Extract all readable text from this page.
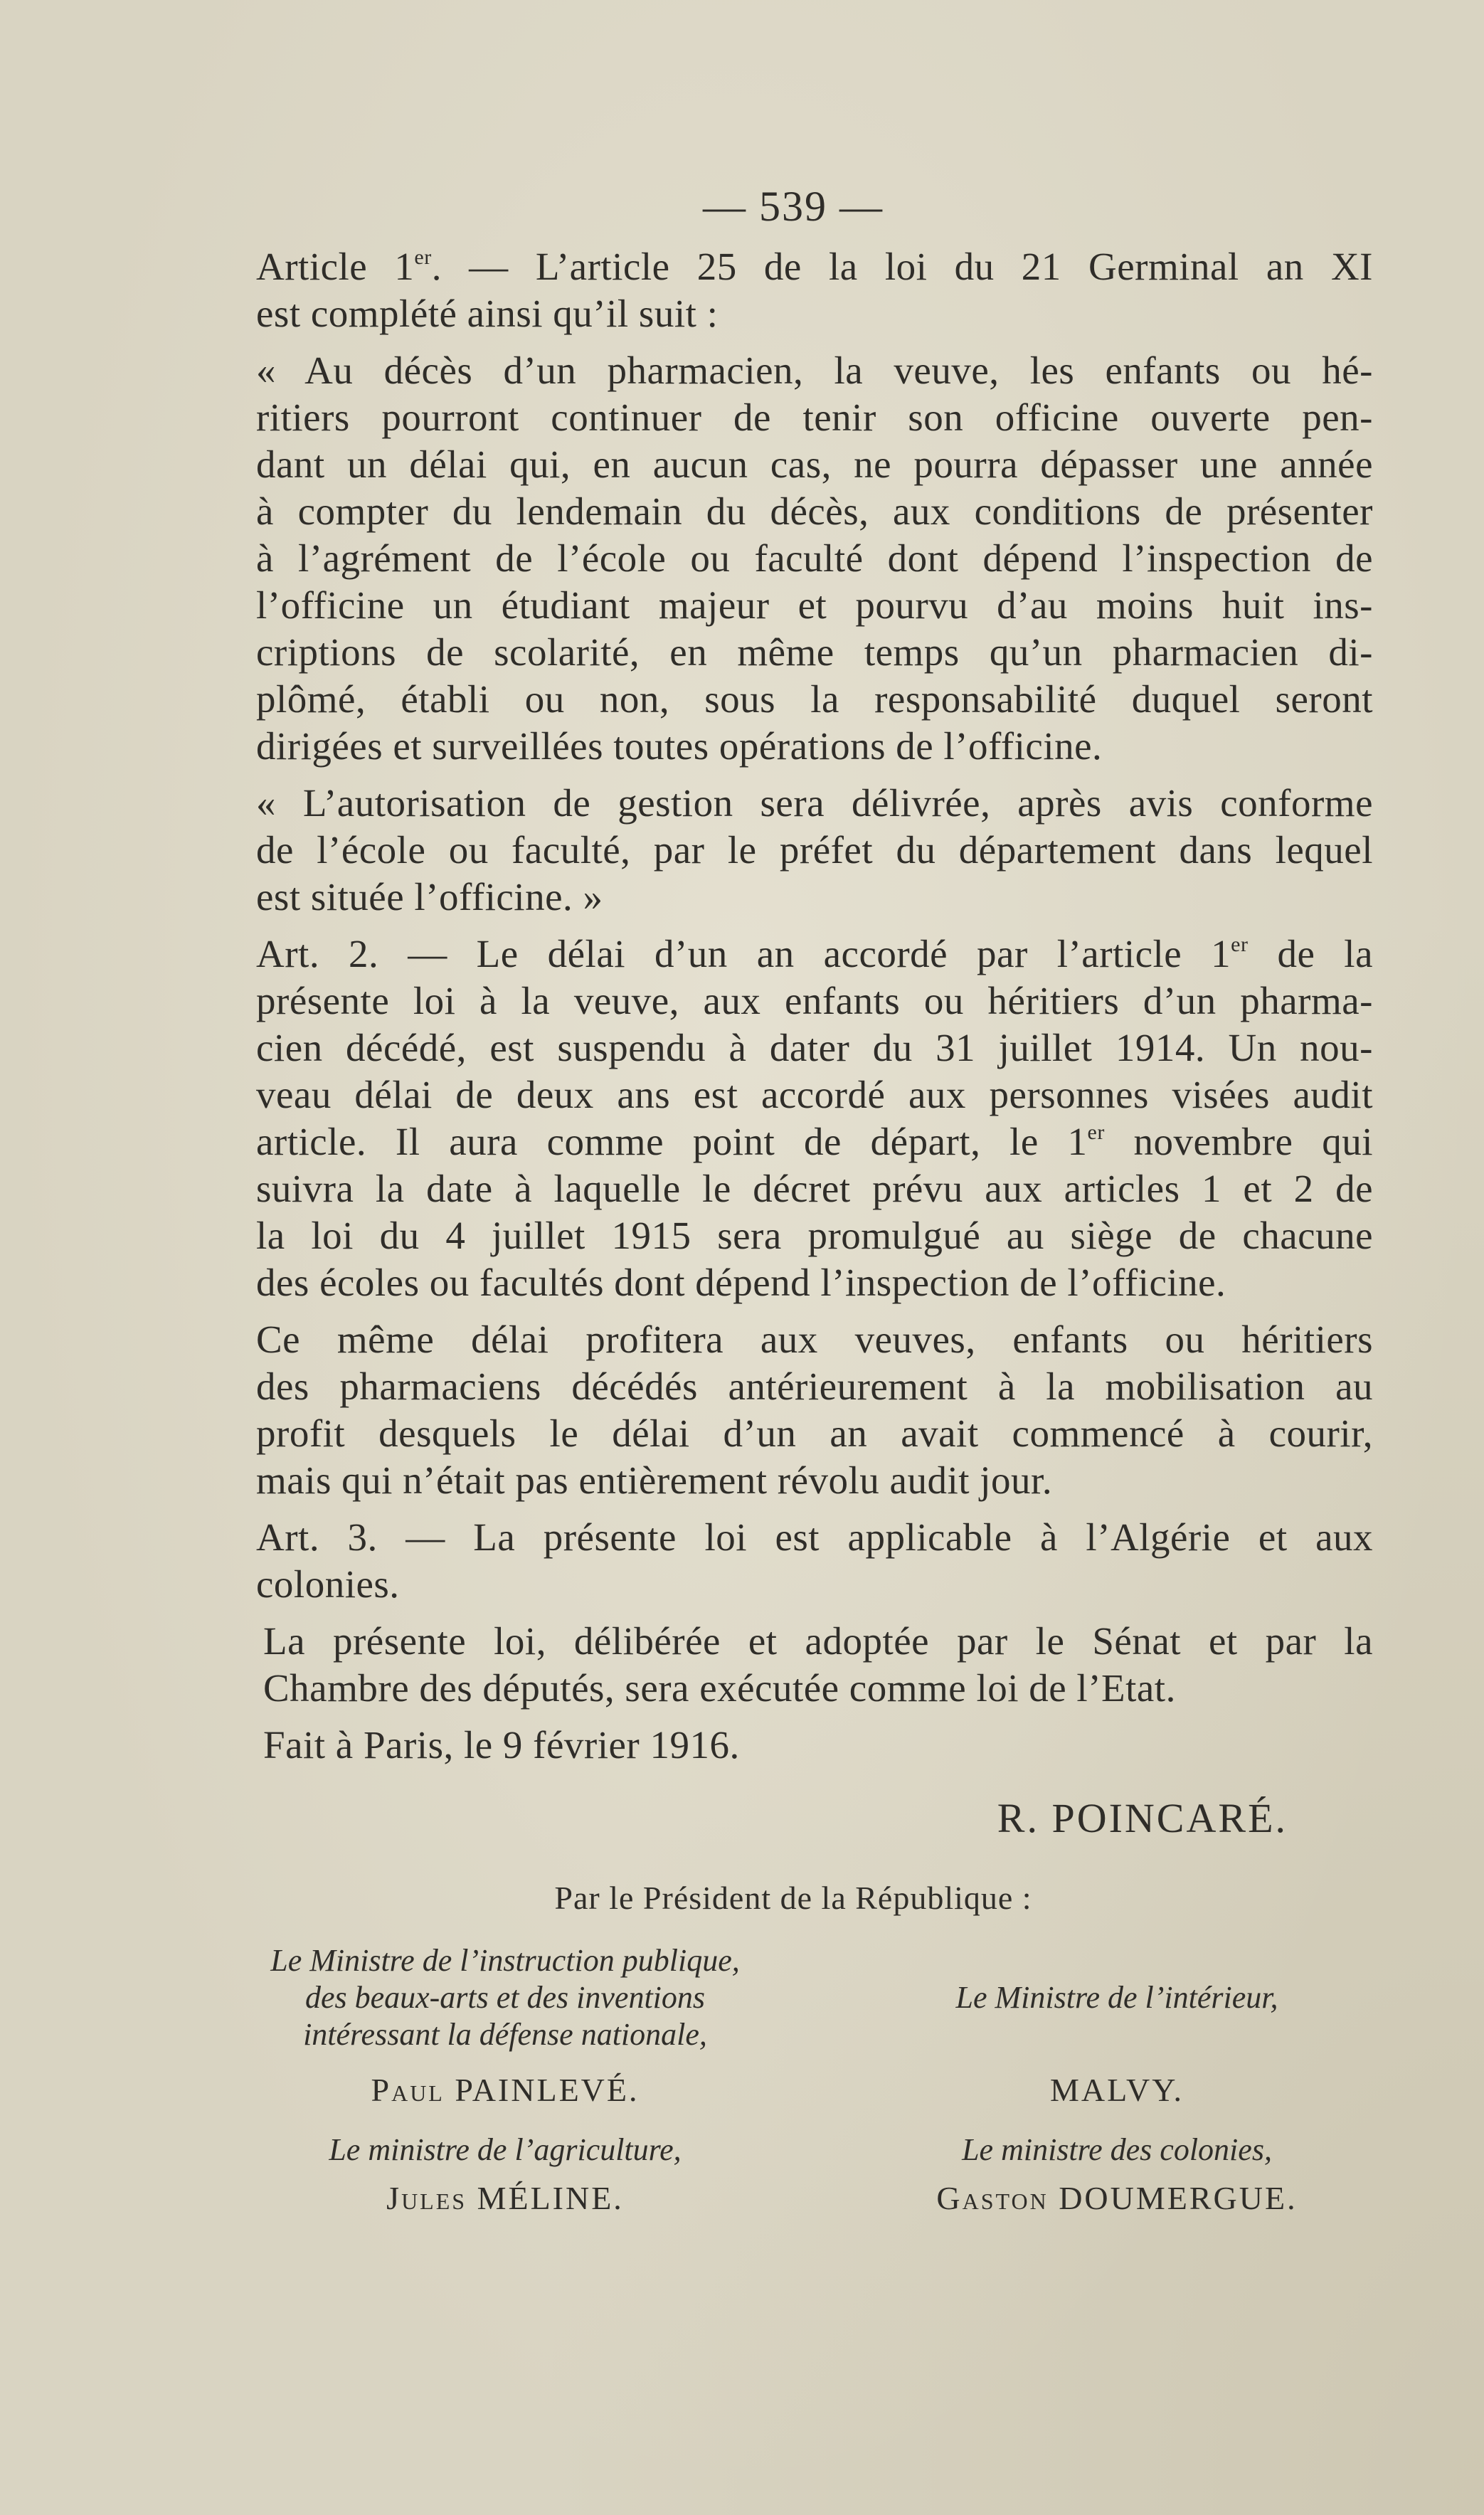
— 539 —
Article 1er. — L’article 25 de la loi du 21 Germinal an XI
est complété ainsi qu’il suit :
« Au décès d’un pharmacien, la veuve, les enfants ou hé-
ritiers pourront continuer de tenir son officine ouverte pen-
dant un délai qui, en aucun cas, ne pourra dépasser une année
à compter du lendemain du décès, aux conditions de présenter
à l’agrément de l’école ou faculté dont dépend l’inspection de
l’officine un étudiant majeur et pourvu d’au moins huit ins-
criptions de scolarité, en même temps qu’un pharmacien di-
plômé, établi ou non, sous la responsabilité duquel seront
dirigées et surveillées toutes opérations de l’officine.
« L’autorisation de gestion sera délivrée, après avis conforme
de l’école ou faculté, par le préfet du département dans lequel
est située l’officine. »
Art. 2. — Le délai d’un an accordé par l’article 1er de la
présente loi à la veuve, aux enfants ou héritiers d’un pharma-
cien décédé, est suspendu à dater du 31 juillet 1914. Un nou-
veau délai de deux ans est accordé aux personnes visées audit
article. Il aura comme point de départ, le 1er novembre qui
suivra la date à laquelle le décret prévu aux articles 1 et 2 de
la loi du 4 juillet 1915 sera promulgué au siège de chacune
des écoles ou facultés dont dépend l’inspection de l’officine.
Ce même délai profitera aux veuves, enfants ou héritiers
des pharmaciens décédés antérieurement à la mobilisation au
profit desquels le délai d’un an avait commencé à courir,
mais qui n’était pas entièrement révolu audit jour.
Art. 3. — La présente loi est applicable à l’Algérie et aux
colonies.
La présente loi, délibérée et adoptée par le Sénat et par la
Chambre des députés, sera exécutée comme loi de l’Etat.
Fait à Paris, le 9 février 1916.
R. POINCARÉ.
Par le Président de la République :
Le Ministre de l’instruction publique,
des beaux-arts et des inventions
intéressant la défense nationale,
Paul PAINLEVÉ.
Le Ministre de l’intérieur,
MALVY.
Le ministre de l’agriculture,
Jules MÉLINE.
Le ministre des colonies,
Gaston DOUMERGUE.
